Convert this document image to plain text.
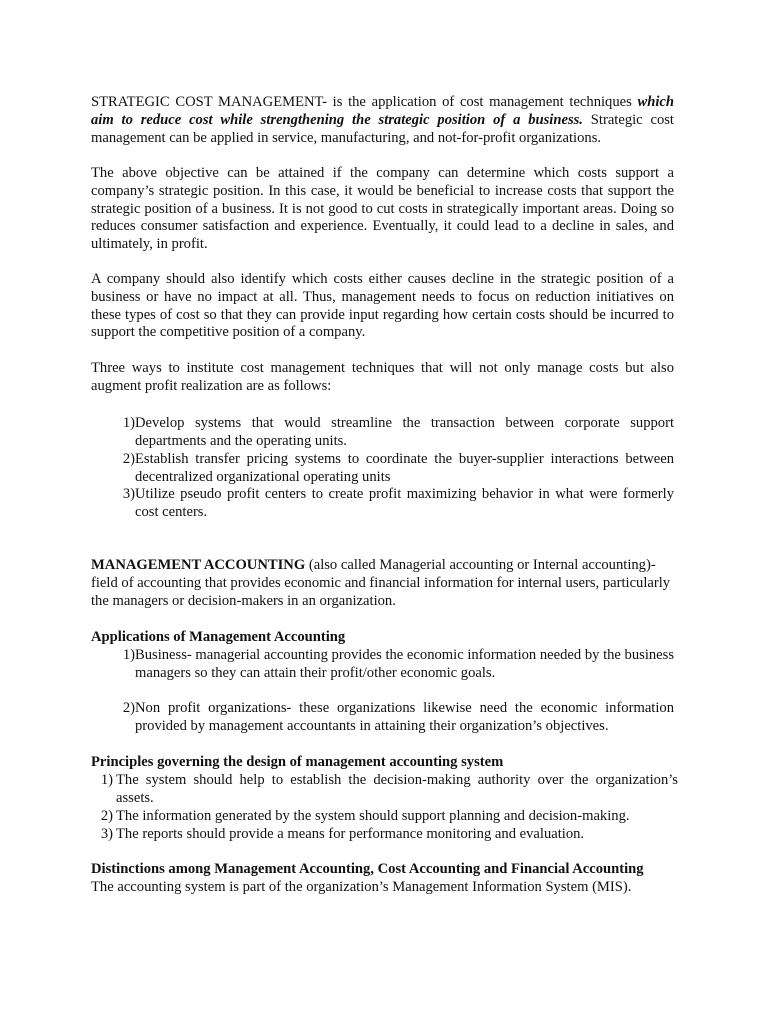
STRATEGIC COST MANAGEMENT- is the application of cost management techniques which aim to reduce cost while strengthening the strategic position of a business. Strategic cost management can be applied in service, manufacturing, and not-for-profit organizations.

The above objective can be attained if the company can determine which costs support a company’s strategic position. In this case, it would be beneficial to increase costs that support the strategic position of a business. It is not good to cut costs in strategically important areas. Doing so reduces consumer satisfaction and experience. Eventually, it could lead to a decline in sales, and ultimately, in profit.

A company should also identify which costs either causes decline in the strategic position of a business or have no impact at all. Thus, management needs to focus on reduction initiatives on these types of cost so that they can provide input regarding how certain costs should be incurred to support the competitive position of a company.

Three ways to institute cost management techniques that will not only manage costs but also augment profit realization are as follows:

1) Develop systems that would streamline the transaction between corporate support departments and the operating units.
2) Establish transfer pricing systems to coordinate the buyer-supplier interactions between decentralized organizational operating units
3) Utilize pseudo profit centers to create profit maximizing behavior in what were formerly cost centers.

MANAGEMENT ACCOUNTING (also called Managerial accounting or Internal accounting)- field of accounting that provides economic and financial information for internal users, particularly the managers or decision-makers in an organization.

Applications of Management Accounting

1) Business- managerial accounting provides the economic information needed by the business managers so they can attain their profit/other economic goals.
2) Non profit organizations- these organizations likewise need the economic information provided by management accountants in attaining their organization’s objectives.

Principles governing the design of management accounting system

1) The system should help to establish the decision-making authority over the organization’s assets.
2) The information generated by the system should support planning and decision-making.
3) The reports should provide a means for performance monitoring and evaluation.

Distinctions among Management Accounting, Cost Accounting and Financial Accounting

The accounting system is part of the organization’s Management Information System (MIS).
